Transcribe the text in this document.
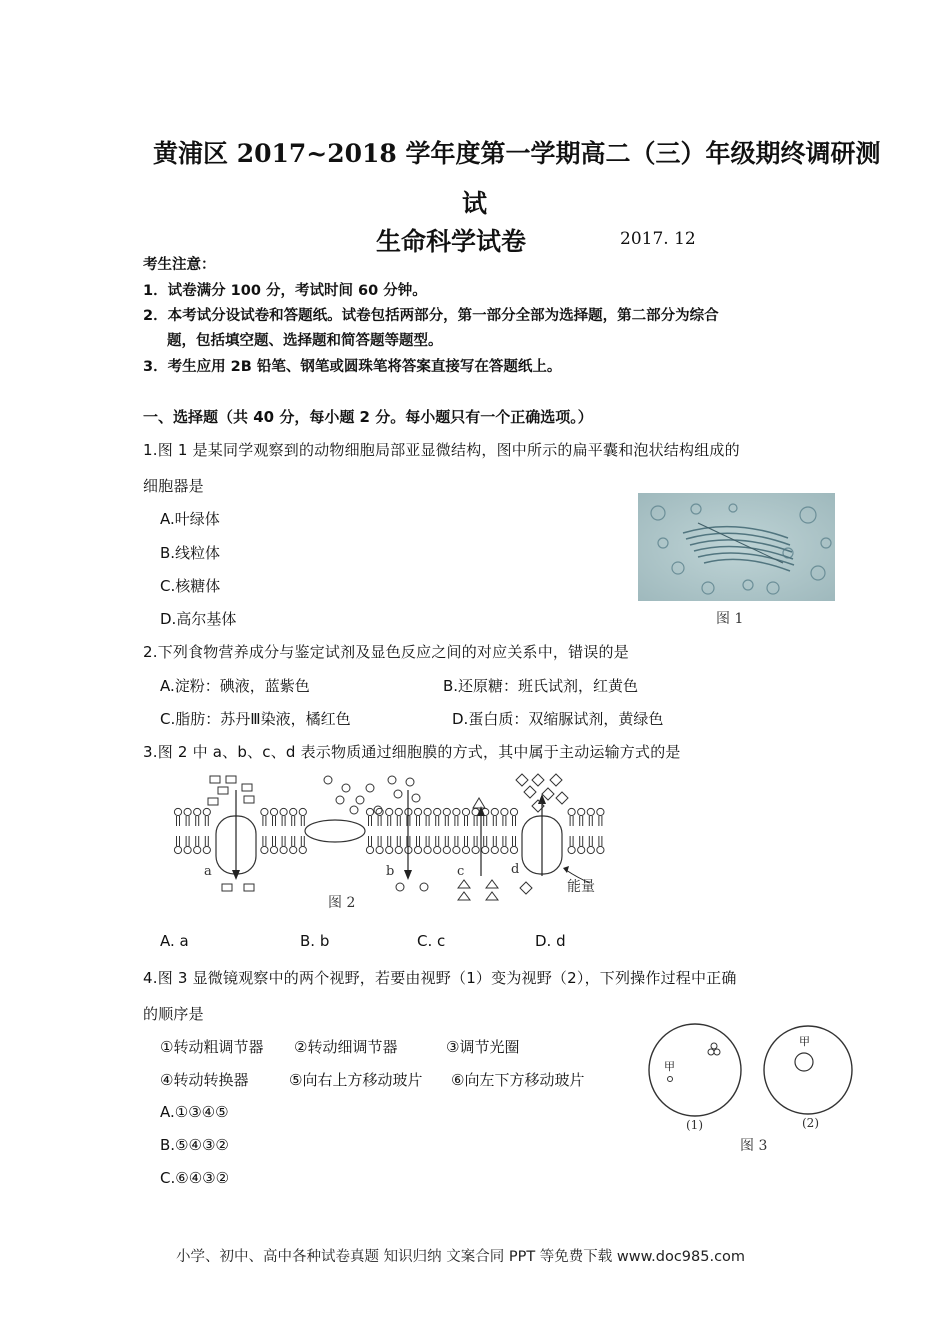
黄浦区 2017~2018 学年度第一学期高二（三）年级期终调研测
试
生命科学试卷	2017. 12
考生注意：
1．试卷满分 100 分，考试时间 60 分钟。
2．本考试分设试卷和答题纸。试卷包括两部分，第一部分全部为选择题，第二部分为综合
题，包括填空题、选择题和简答题等题型。
3．考生应用 2B 铅笔、钢笔或圆珠笔将答案直接写在答题纸上。
一、选择题（共 40 分，每小题 2 分。每小题只有一个正确选项。）
1.图 1 是某同学观察到的动物细胞局部亚显微结构，图中所示的扁平囊和泡状结构组成的
细胞器是
A.叶绿体
B.线粒体
C.核糖体
D.高尔基体	图 1
2.下列食物营养成分与鉴定试剂及显色反应之间的对应关系中，错误的是
A.淀粉：碘液，蓝紫色	B.还原糖：班氏试剂，红黄色
C.脂肪：苏丹Ⅲ染液，橘红色	D.蛋白质：双缩脲试剂，黄绿色
3.图 2 中 a、b、c、d 表示物质通过细胞膜的方式，其中属于主动运输方式的是
a	b	c	d
能量
图 2
A. a	B. b	C. c	D. d
4.图 3 显微镜观察中的两个视野，若要由视野（1）变为视野（2），下列操作过程中正确
的顺序是
①转动粗调节器 ②转动细调节器	③调节光圈
④转动转换器	⑤向右上方移动玻片 ⑥向左下方移动玻片
A.①③④⑤
B.⑤④③②
C.⑥④③②
甲
甲
(1)	(2)
图 3
小学、初中、高中各种试卷真题 知识归纳 文案合同 PPT 等免费下载 www.doc985.com
